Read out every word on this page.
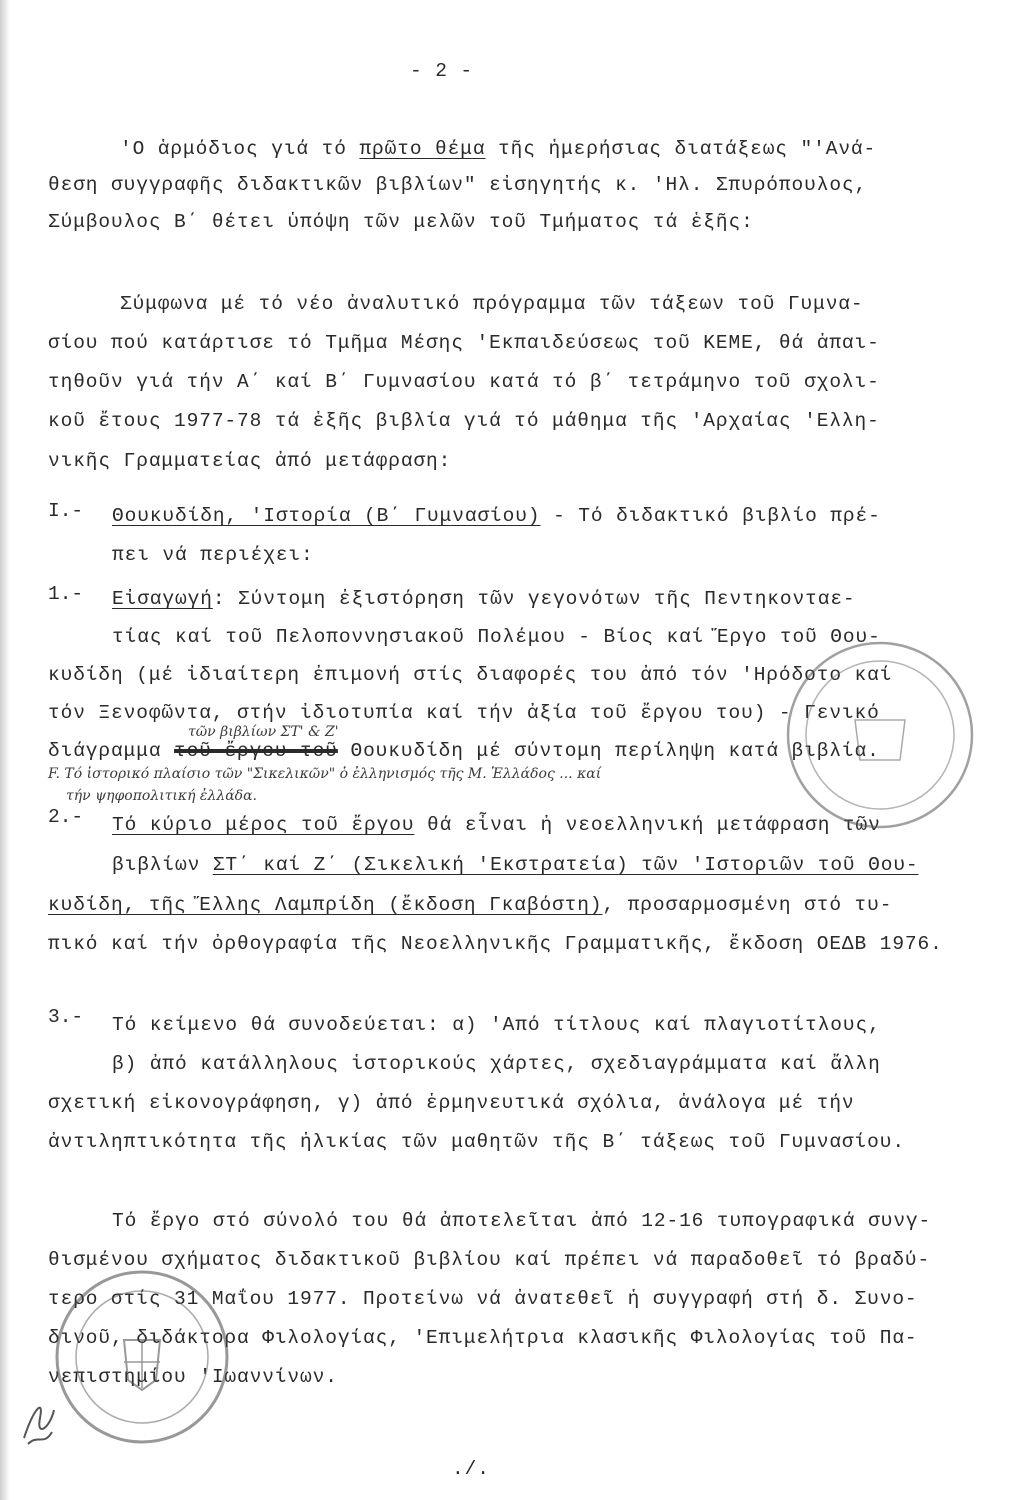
- 2 -
'Ο ἁρμόδιος γιά τό πρῶτο θέμα τῆς ἡμερήσιας διατάξεως "'Ανά-
θεση συγγραφῆς διδακτικῶν βιβλίων" εἰσηγητής κ. 'Ηλ. Σπυρόπουλος,
Σύμβουλος Β΄ θέτει ὑπόψη τῶν μελῶν τοῦ Τμήματος τά ἑξῆς:
Σύμφωνα μέ τό νέο ἀναλυτικό πρόγραμμα τῶν τάξεων τοῦ Γυμνα-
σίου πού κατάρτισε τό Τμῆμα Μέσης 'Εκπαιδεύσεως τοῦ ΚΕΜΕ, θά ἀπαι-
τηθοῦν γιά τήν Α΄ καί Β΄ Γυμνασίου κατά τό β΄ τετράμηνο τοῦ σχολι-
κοῦ ἔτους 1977-78 τά ἑξῆς βιβλία γιά τό μάθημα τῆς 'Αρχαίας 'Ελλη-
νικῆς Γραμματείας ἀπό μετάφραση:
I.- Θουκυδίδη, 'Ιστορία (Β΄ Γυμνασίου) - Τό διδακτικό βιβλίο πρέ-
πει νά περιέχει:
1.- Εἰσαγωγή: Σύντομη ἐξιστόρηση τῶν γεγονότων τῆς Πεντηκονταε-
τίας καί τοῦ Πελοποννησιακοῦ Πολέμου - Βίος καί Ἔργο τοῦ Θου-
κυδίδη (μέ ἰδιαίτερη ἐπιμονή στίς διαφορές του ἀπό τόν 'Ηρόδοτο καί
τόν Ξενοφῶντα, στήν ἰδιοτυπία καί τήν ἀξία τοῦ ἔργου του) - Γενικό
τῶν βιβλίων ΣΤ' & Ζ'
διάγραμμα τοῦ ἔργου τοῦ Θουκυδίδη μέ σύντομη περίληψη κατά βιβλία.
F. Τό ἱστορικό πλαίσιο τῶν "Σικελικῶν" ὁ ἑλληνισμός τῆς Μ. Ἑλλάδος ... καί
τήν ψηφοπολιτική ἐλλάδα.
2.- Τό κύριο μέρος τοῦ ἔργου θά εἶναι ἡ νεοελληνική μετάφραση τῶν
βιβλίων ΣΤ΄ καί Ζ΄ (Σικελική 'Εκστρατεία) τῶν 'Ιστοριῶν τοῦ Θου-
κυδίδη, τῆς Ἔλλης Λαμπρίδη (ἔκδοση Γκαβόστη), προσαρμοσμένη στό τυ-
πικό καί τήν ὀρθογραφία τῆς Νεοελληνικῆς Γραμματικῆς, ἔκδοση ΟΕΔΒ 1976.
3.- Τό κείμενο θά συνοδεύεται: α) 'Από τίτλους καί πλαγιοτίτλους,
β) ἀπό κατάλληλους ἱστορικούς χάρτες, σχεδιαγράμματα καί ἄλλη
σχετική εἰκονογράφηση, γ) ἀπό ἑρμηνευτικά σχόλια, ἀνάλογα μέ τήν
ἀντιληπτικότητα τῆς ἡλικίας τῶν μαθητῶν τῆς Β΄ τάξεως τοῦ Γυμνασίου.
Τό ἔργο στό σύνολό του θά ἀποτελεῖται ἀπό 12-16 τυπογραφικά συνγ-
θισμένου σχήματος διδακτικοῦ βιβλίου καί πρέπει νά παραδοθεῖ τό βραδύ-
τερο στίς 31 Μαΐου 1977. Προτείνω νά ἀνατεθεῖ ἡ συγγραφή στή δ. Συνο-
δινοῦ, διδάκτορα Φιλολογίας, 'Επιμελήτρια κλασικῆς Φιλολογίας τοῦ Πα-
νεπιστημίου 'Ιωαννίνων.
./.
